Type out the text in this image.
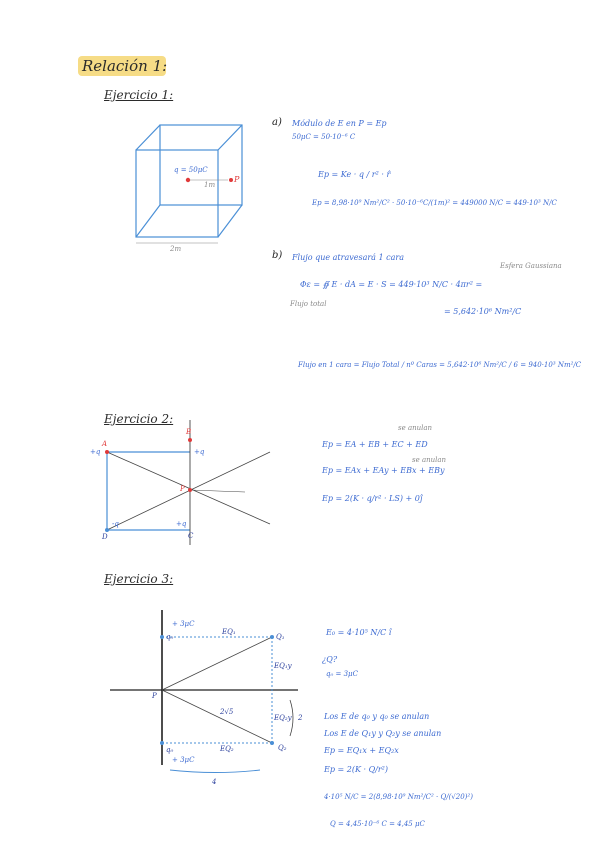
Relación 1:
Ejercicio 1:
Ejercicio 2:
Ejercicio 3:
q = 50μC
P
1m
2m
a) Módulo de E en P = Ep
50μC = 50·10⁻⁶ C
Ep = Ke · q / r² · r̂
Ep = 8,98·10⁹ Nm²/C² · 50·10⁻⁶C/(1m)² = 449000 N/C = 449·10³ N/C
b) Flujo que atravesará 1 cara
Esfera Gaussiana
Flujo total
Φε = ∯ E · dA = E · S = 449·10³ N/C · 4πr² =
= 5,642·10⁶ Nm²/C
Flujo en 1 cara = Flujo Total / nº Caras = 5,642·10⁶ Nm²/C / 6 = 940·10³ Nm²/C
A
B
C
D
P
+q	+q
+q
-q
Ep = EA + EB + EC + ED
Ep = EAx + EAy + EBx + EBy
Ep = 2(K · q/r² · LS) + 0ĵ
se anulan
se anulan
q₀
+ 3μC
Q₁
Q₂
q₀
+ 3μC
P
4
2
2√5
EQ₁
EQ₁y
EQ₂y
EQ₂
E₀ = 4·10⁵ N/C î
¿Q?
q₀ = 3μC
Los E de q₀ y q₀ se anulan
Los E de Q₁y y Q₂y se anulan
Ep = EQ₁x + EQ₂x
Ep = 2(K · Q/r²)
4·10⁵ N/C = 2(8,98·10⁹ Nm²/C² · Q/(√20)²)
Q = 4,45·10⁻⁶ C = 4,45 μC
